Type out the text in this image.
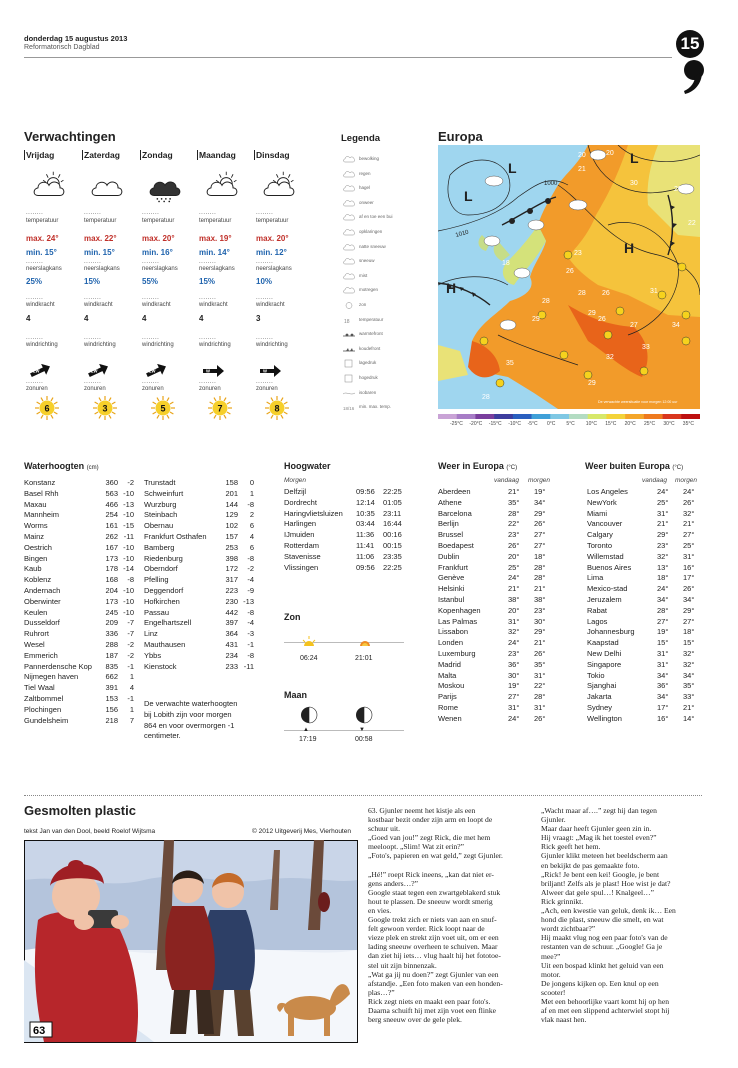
donderdag 15 augustus 2013
Reformatorisch Dagblad	15
Verwachtingen
Vrijdag
........
temperatuur
max. 24°
min. 15°
........
neerslagkans
25%
........
windkracht
4
........
windrichting
........
zonuren
ZW
6
Zaterdag
........
temperatuur
max. 22°
min. 15°
........
neerslagkans
15%
........
windkracht
4
........
windrichting
........
zonuren
ZW
3
Zondag
........
temperatuur
max. 20°
min. 16°
........
neerslagkans
55%
........
windkracht
4
........
windrichting
........
zonuren
ZW
5
Maandag
........
temperatuur
max. 19°
min. 14°
........
neerslagkans
15%
........
windkracht
4
........
windrichting
........
zonuren
W
7
Dinsdag
........
temperatuur
max. 20°
min. 12°
........
neerslagkans
10%
........
windkracht
3
........
windrichting
........
zonuren
W
8
Legenda
bewolking
regen
hagel
onweer
af en toe een bui
opklaringen
natte sneeuw
sneeuw
mist
motregen
zon
18 temperatuur
warmtefront
koudefront
lagedruk
hogedruk
isobaren
18/16 min. max. temp.
Europa
L
L
L
H
H
1010
1000
20	20
21
30
20
18
22
23
26
28
26
28
29
31
29
35
26
27
32
34
33
28
29
De verwachte weersituatie voor morgen 12:00 uur
-25°C -20°C -15°C -10°C -5°C 0°C 5°C 10°C 15°C 20°C 25°C 30°C 35°C
Waterhoogten (cm)
Konstanz	360 -2
Basel Rhh	563 -10
Maxau	466 -13
Mannheim	254 -10
Worms	161 -15
Mainz	262 -11
Oestrich	167 -10
Bingen	173 -10
Kaub	178 -14
Koblenz	168 -8
Andernach	204 -10
Oberwinter	173 -10
Keulen	245 -10
Dusseldorf	209 -7
Ruhrort	336 -7
Wesel	288 -2
Emmerich	187 -2
Pannerdensche Kop 835 -1
Nijmegen haven	662 1
Tiel Waal	391 4
Zaltbommel	153 -1
Plochingen	156 1
Gundelsheim	218 7
Trunstadt	158 0
Schweinfurt	201 1
Wurzburg	144 -8
Steinbach	129 2
Obernau	102 6
Frankfurt Osthafen	157 4
Bamberg	253 6
Riedenburg	398 -8
Oberndorf	172 -2
Pfelling	317 -4
Deggendorf	223 -9
Hofkirchen	230 -13
Passau	442 -8
Engelhartszell	397 -4
Linz	364 -3
Mauthausen	431 -1
Ybbs	234 -8
Kienstock	233 -11
De verwachte waterhoogten
bij Lobith zijn voor morgen
864 en voor overmorgen -1
centimeter.
Hoogwater
Morgen
Delfzijl	09:56 22:25
Dordrecht	12:14 01:05
Haringvlietsluizen 10:35 23:11
Harlingen	03:44 16:44
IJmuiden	11:36 00:16
Rotterdam	11:41 00:15
Stavenisse	11:06 23:35
Vlissingen	09:56 22:25
Zon
06:24	21:01
Maan
▲	▼
17:19	00:58
Weer in Europa (°C)
vandaag morgen
Aberdeen	21° 19°
Athene	35° 34°
Barcelona	28° 29°
Berlijn	22° 26°
Brussel	23° 27°
Boedapest	26° 27°
Dublin	20° 18°
Frankfurt	25° 28°
Genève	24° 28°
Helsinki	21° 21°
Istanbul	38° 38°
Kopenhagen	20° 23°
Las Palmas	31° 30°
Lissabon	32° 29°
Londen	24° 21°
Luxemburg	23° 26°
Madrid	36° 35°
Malta	30° 31°
Moskou	19° 22°
Parijs	27° 28°
Rome	31° 31°
Wenen	24° 26°
Weer buiten Europa (°C)
vandaag morgen
Los Angeles	24° 24°
NewYork	25° 26°
Miami	31° 32°
Vancouver	21° 21°
Calgary	29° 27°
Toronto	23° 25°
Willemstad	32° 31°
Buenos Aires	13° 16°
Lima	18° 17°
Mexico-stad	24° 26°
Jeruzalem	34° 34°
Rabat	28° 29°
Lagos	27° 27°
Johannesburg	19° 18°
Kaapstad	15° 15°
New Delhi	31° 32°
Singapore	31° 32°
Tokio	34° 34°
Sjanghai	36° 35°
Jakarta	34° 33°
Sydney	17° 21°
Wellington	16° 14°
Gesmolten plastic
tekst Jan van den Dool, beeld Roelof Wijtsma	© 2012 Uitgeverij Mes, Vierhouten
63

63. Gjunler neemt het kistje als een

kostbaar bezit onder zijn arm en loopt de

schuur uit.

„Goed van jou!” zegt Rick, die met hem

meeloopt. „Slim! Wat zit erin?”

„Foto's, papieren en wat geld,” zegt Gjunler.

„Hé!” roept Rick ineens, „kan dat niet er-

gens anders…?”

Google staat tegen een zwartgeblakerd stuk

hout te plassen. De sneeuw wordt smerig

en vies.

Google trekt zich er niets van aan en snuf-

felt gewoon verder. Rick loopt naar de

vieze plek en strekt zijn voet uit, om er een

lading sneeuw overheen te schuiven. Maar

dan ziet hij iets… vlug haalt hij het fototoe-

stel uit zijn binnenzak.

„Wat ga jij nu doen?” zegt Gjunler van een

afstandje. „Een foto maken van een honden-

plas…?”

Rick zegt niets en maakt een paar foto's.

Daarna schuift hij met zijn voet een flinke

berg sneeuw over de gele plek.

„Wacht maar af….” zegt hij dan tegen

Gjunler.

Maar daar heeft Gjunler geen zin in.

Hij vraagt: „Mag ik het toestel even?”

Rick geeft het hem.

Gjunler klikt meteen het beeldscherm aan

en bekijkt de pas gemaakte foto.

„Rick! Je bent een kei! Google, je bent

briljant! Zelfs als je plast! Hoe wist je dat?

Alweer dat gele spul…! Knalgeel…”

Rick grinnikt.

„Ach, een kwestie van geluk, denk ik… Een

hond die plast, sneeuw die smelt, en wat

wordt zichtbaar?”

Hij maakt vlug nog een paar foto's van de

restanten van de schuur. „Google! Ga je

mee?”

Uit een bospad klinkt het geluid van een

motor.

De jongens kijken op. Een knul op een

scooter!

Met een behoorlijke vaart komt hij op hen

af en met een slippend achterwiel stopt hij

vlak naast hen.
